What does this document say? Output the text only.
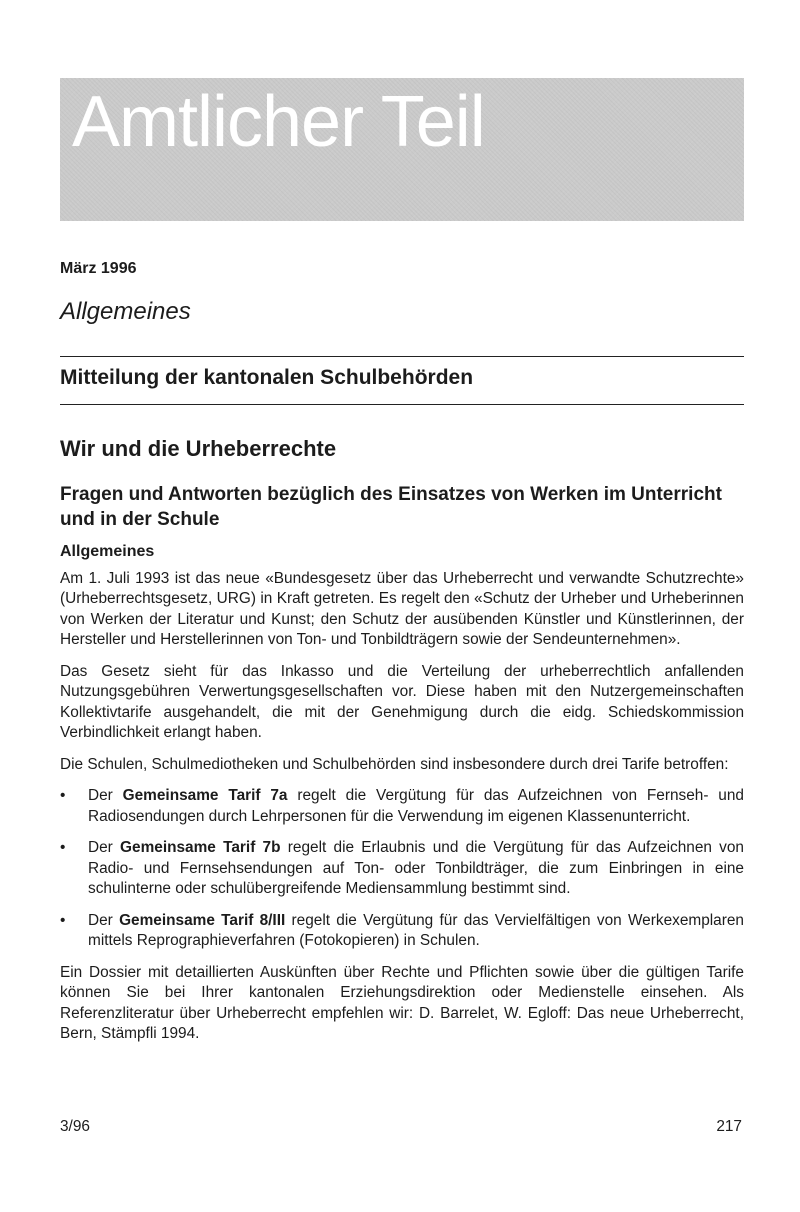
Amtlicher Teil
März 1996
Allgemeines
Mitteilung der kantonalen Schulbehörden
Wir und die Urheberrechte
Fragen und Antworten bezüglich des Einsatzes von Werken im Unterricht und in der Schule
Allgemeines

Am 1. Juli 1993 ist das neue «Bundesgesetz über das Urheberrecht und verwandte Schutzrechte» (Urheberrechtsgesetz, URG) in Kraft getreten. Es regelt den «Schutz der Urheber und Urheberinnen von Werken der Literatur und Kunst; den Schutz der ausübenden Künstler und Künstlerinnen, der Hersteller und Herstellerinnen von Ton- und Tonbildträgern sowie der Sendeunternehmen».

Das Gesetz sieht für das Inkasso und die Verteilung der urheberrechtlich anfallenden Nutzungsgebühren Verwertungsgesellschaften vor. Diese haben mit den Nutzergemeinschaften Kollektivtarife ausgehandelt, die mit der Genehmigung durch die eidg. Schiedskommission Verbindlichkeit erlangt haben.

Die Schulen, Schulmediotheken und Schulbehörden sind insbesondere durch drei Tarife betroffen:

• Der Gemeinsame Tarif 7a regelt die Vergütung für das Aufzeichnen von Fernseh- und Radiosendungen durch Lehrpersonen für die Verwendung im eigenen Klassenunterricht.
• Der Gemeinsame Tarif 7b regelt die Erlaubnis und die Vergütung für das Aufzeichnen von Radio- und Fernsehsendungen auf Ton- oder Tonbildträger, die zum Einbringen in eine schulinterne oder schulübergreifende Mediensammlung bestimmt sind.
• Der Gemeinsame Tarif 8/III regelt die Vergütung für das Vervielfältigen von Werkexemplaren mittels Reprographieverfahren (Fotokopieren) in Schulen.

Ein Dossier mit detaillierten Auskünften über Rechte und Pflichten sowie über die gültigen Tarife können Sie bei Ihrer kantonalen Erziehungsdirektion oder Medienstelle einsehen. Als Referenzliteratur über Urheberrecht empfehlen wir: D. Barrelet, W. Egloff: Das neue Urheberrecht, Bern, Stämpfli 1994.

3/96	217
